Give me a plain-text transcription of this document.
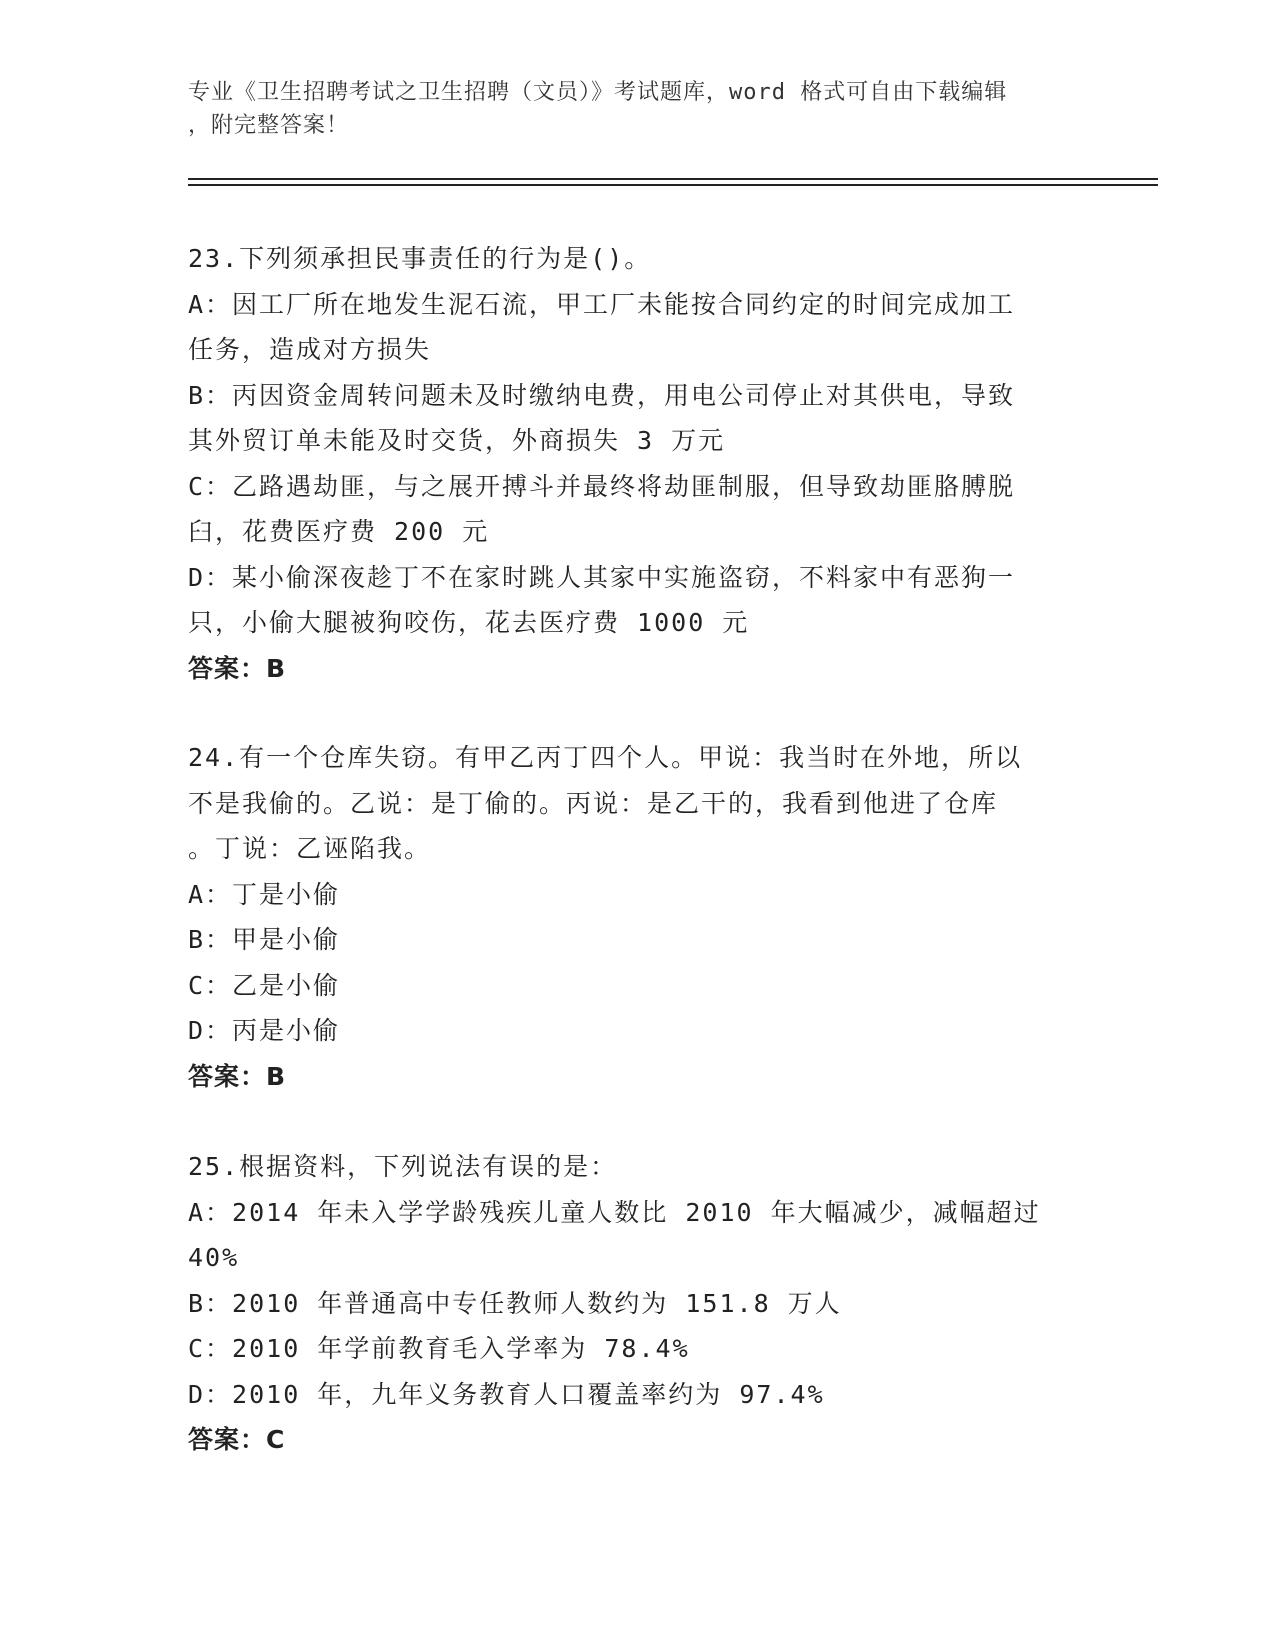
专业《卫生招聘考试之卫生招聘（文员）》考试题库，word 格式可自由下载编辑
，附完整答案！
23.下列须承担民事责任的行为是()。
A：因工厂所在地发生泥石流，甲工厂未能按合同约定的时间完成加工
任务，造成对方损失
B：丙因资金周转问题未及时缴纳电费，用电公司停止对其供电，导致
其外贸订单未能及时交货，外商损失 3 万元
C：乙路遇劫匪，与之展开搏斗并最终将劫匪制服，但导致劫匪胳膊脱
臼，花费医疗费 200 元
D：某小偷深夜趁丁不在家时跳人其家中实施盗窃，不料家中有恶狗一
只，小偷大腿被狗咬伤，花去医疗费 1000 元
答案：B
24.有一个仓库失窃。有甲乙丙丁四个人。甲说：我当时在外地，所以
不是我偷的。乙说：是丁偷的。丙说：是乙干的，我看到他进了仓库
。丁说：乙诬陷我。
A：丁是小偷
B：甲是小偷
C：乙是小偷
D：丙是小偷
答案：B
25.根据资料，下列说法有误的是：
A：2014 年未入学学龄残疾儿童人数比 2010 年大幅减少，减幅超过
40%
B：2010 年普通高中专任教师人数约为 151.8 万人
C：2010 年学前教育毛入学率为 78.4%
D：2010 年，九年义务教育人口覆盖率约为 97.4%
答案：C
